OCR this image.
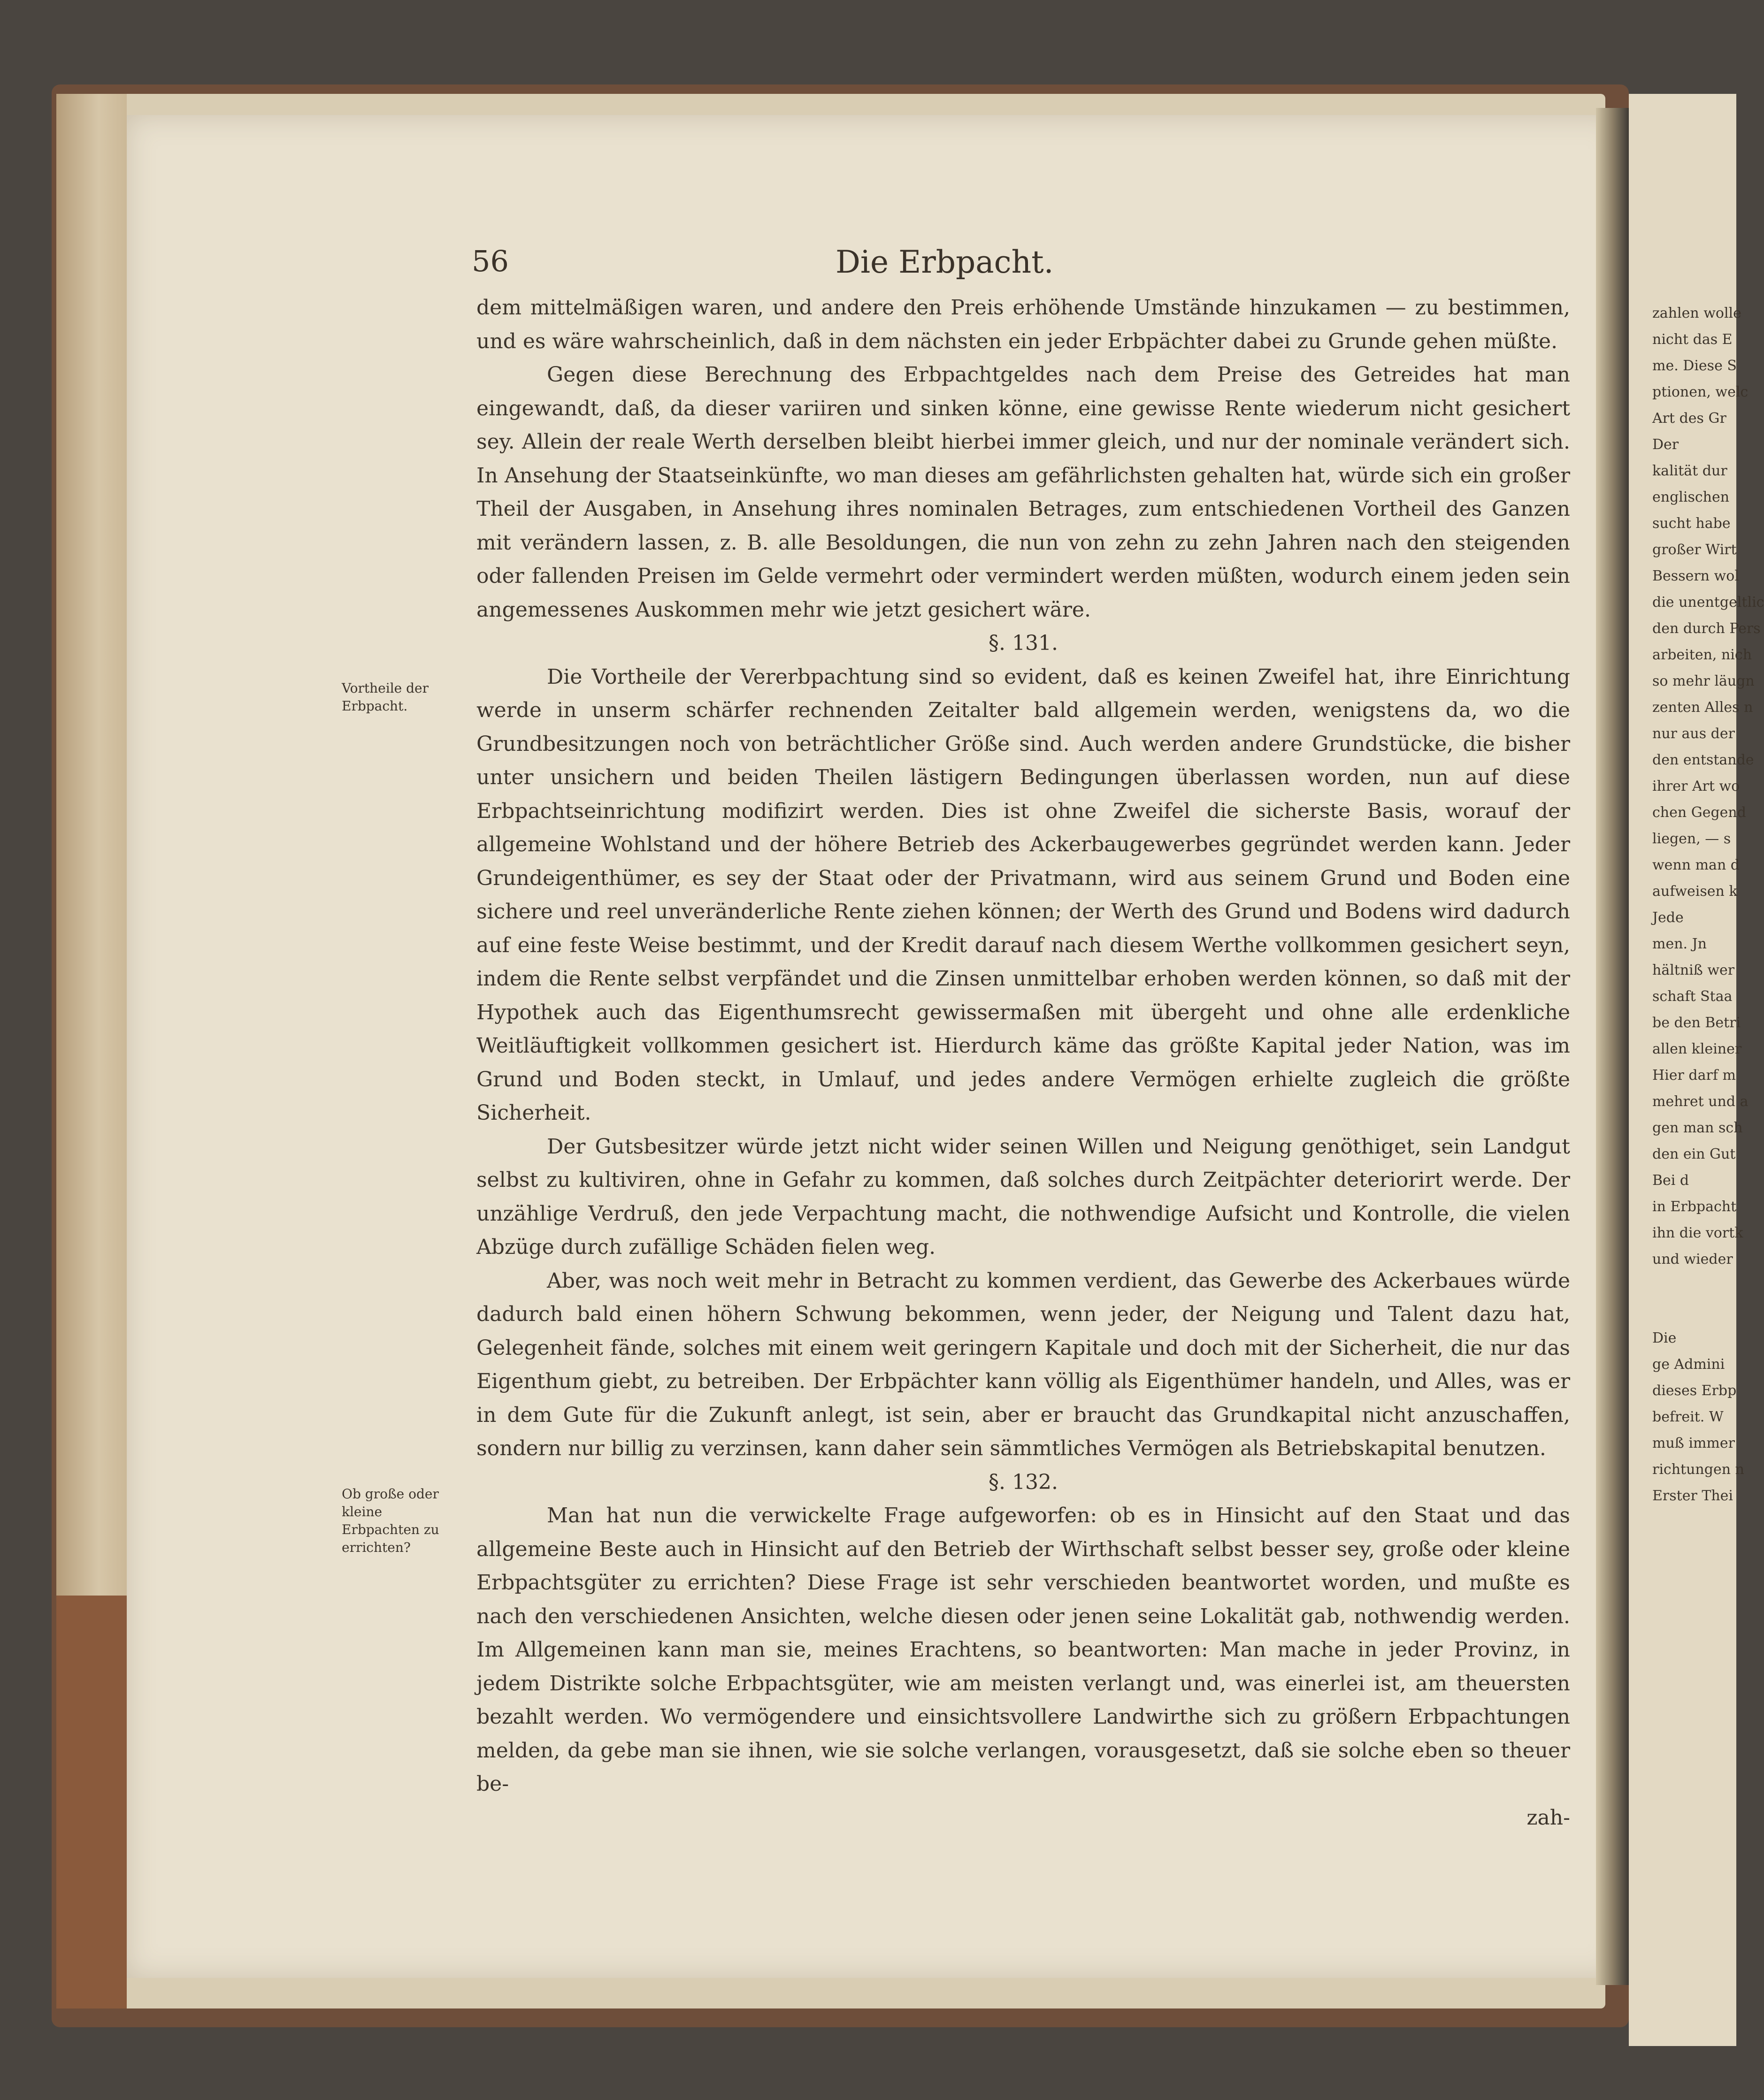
56	Die Erbpacht.

dem mittelmäßigen waren, und andere den Preis erhöhende Umstände hinzukamen — zu bestimmen, und es wäre wahrscheinlich, daß in dem nächsten ein jeder Erbpächter dabei zu Grunde gehen müßte.

Gegen diese Berechnung des Erbpachtgeldes nach dem Preise des Getreides hat man eingewandt, daß, da dieser variiren und sinken könne, eine gewisse Rente wiederum nicht gesichert sey. Allein der reale Werth derselben bleibt hierbei immer gleich, und nur der nominale verändert sich. In Ansehung der Staatseinkünfte, wo man dieses am gefährlichsten gehalten hat, würde sich ein großer Theil der Ausgaben, in Ansehung ihres nominalen Betrages, zum entschiedenen Vortheil des Ganzen mit verändern lassen, z. B. alle Besoldungen, die nun von zehn zu zehn Jahren nach den steigenden oder fallenden Preisen im Gelde vermehrt oder vermindert werden müßten, wodurch einem jeden sein angemessenes Auskommen mehr wie jetzt gesichert wäre.

§. 131.

Die Vortheile der Vererbpachtung sind so evident, daß es keinen Zweifel hat, ihre Einrichtung werde in unserm schärfer rechnenden Zeitalter bald allgemein werden, wenigstens da, wo die Grundbesitzungen noch von beträchtlicher Größe sind. Auch werden andere Grundstücke, die bisher unter unsichern und beiden Theilen lästigern Bedingungen überlassen worden, nun auf diese Erbpachtseinrichtung modifizirt werden. Dies ist ohne Zweifel die sicherste Basis, worauf der allgemeine Wohlstand und der höhere Betrieb des Ackerbaugewerbes gegründet werden kann. Jeder Grundeigenthümer, es sey der Staat oder der Privatmann, wird aus seinem Grund und Boden eine sichere und reel unveränderliche Rente ziehen können; der Werth des Grund und Bodens wird dadurch auf eine feste Weise bestimmt, und der Kredit darauf nach diesem Werthe vollkommen gesichert seyn, indem die Rente selbst verpfändet und die Zinsen unmittelbar erhoben werden können, so daß mit der Hypothek auch das Eigenthumsrecht gewissermaßen mit übergeht und ohne alle erdenkliche Weitläuftigkeit vollkommen gesichert ist. Hierdurch käme das größte Kapital jeder Nation, was im Grund und Boden steckt, in Umlauf, und jedes andere Vermögen erhielte zugleich die größte Sicherheit.

Der Gutsbesitzer würde jetzt nicht wider seinen Willen und Neigung genöthiget, sein Landgut selbst zu kultiviren, ohne in Gefahr zu kommen, daß solches durch Zeitpächter deteriorirt werde. Der unzählige Verdruß, den jede Verpachtung macht, die nothwendige Aufsicht und Kontrolle, die vielen Abzüge durch zufällige Schäden fielen weg.

Aber, was noch weit mehr in Betracht zu kommen verdient, das Gewerbe des Ackerbaues würde dadurch bald einen höhern Schwung bekommen, wenn jeder, der Neigung und Talent dazu hat, Gelegenheit fände, solches mit einem weit geringern Kapitale und doch mit der Sicherheit, die nur das Eigenthum giebt, zu betreiben. Der Erbpächter kann völlig als Eigenthümer handeln, und Alles, was er in dem Gute für die Zukunft anlegt, ist sein, aber er braucht das Grundkapital nicht anzuschaffen, sondern nur billig zu verzinsen, kann daher sein sämmtliches Vermögen als Betriebskapital benutzen.

§. 132.

Man hat nun die verwickelte Frage aufgeworfen: ob es in Hinsicht auf den Staat und das allgemeine Beste auch in Hinsicht auf den Betrieb der Wirthschaft selbst besser sey, große oder kleine Erbpachtsgüter zu errichten? Diese Frage ist sehr verschieden beantwortet worden, und mußte es nach den verschiedenen Ansichten, welche diesen oder jenen seine Lokalität gab, nothwendig werden. Im Allgemeinen kann man sie, meines Erachtens, so beantworten: Man mache in jeder Provinz, in jedem Distrikte solche Erbpachtsgüter, wie am meisten verlangt und, was einerlei ist, am theuersten bezahlt werden. Wo vermögendere und einsichtsvollere Landwirthe sich zu größern Erbpachtungen melden, da gebe man sie ihnen, wie sie solche verlangen, vorausgesetzt, daß sie solche eben so theuer be-

zah-

Vortheile der Erbpacht.
Ob große oder kleine Erbpachten zu errichten?
zahlen wolle
nicht das E
me. Diese S
ptionen, welc
Art des Gr
Der
kalität dur
englischen
sucht habe
großer Wirt
Bessern wol
die unentgeltlic
den durch Pers
arbeiten, nich
so mehr läugn
zenten Alles n
nur aus der
den entstande
ihrer Art wo
chen Gegend
liegen, — s
wenn man d
aufweisen k
Jede
men. Jn
hältniß wer
schaft Staa
be den Betri
allen kleiner
Hier darf m
mehret und a
gen man sch
den ein Gut
Bei d
in Erbpacht
ihn die vortk
und wieder
Die
ge Admini
dieses Erbp
befreit. W
muß immer
richtungen n
Erster Thei
